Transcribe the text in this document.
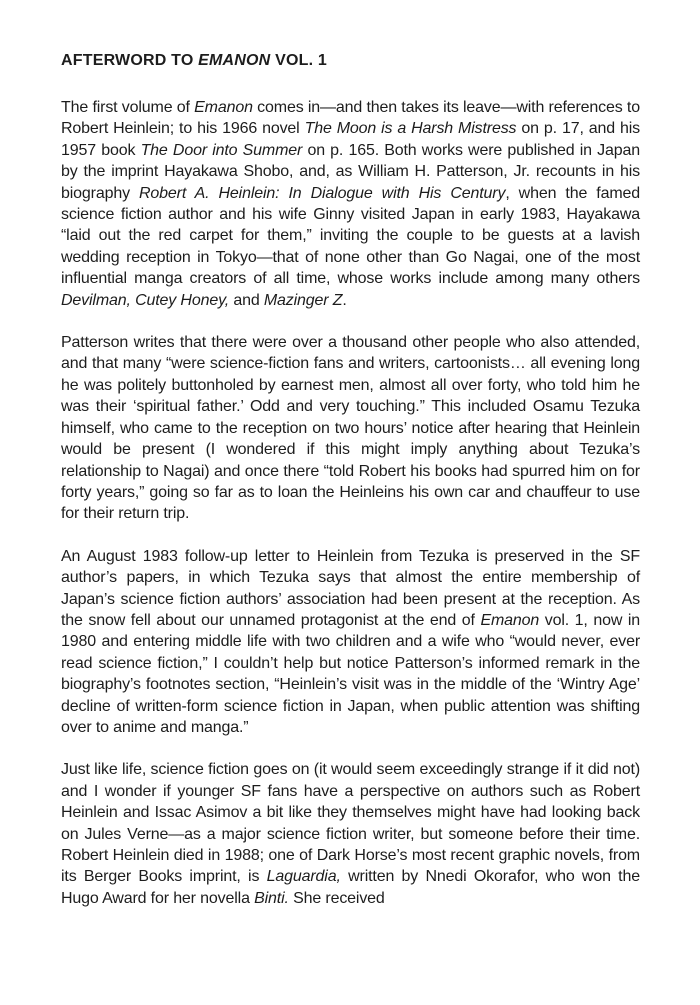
AFTERWORD TO EMANON VOL. 1

The first volume of Emanon comes in—and then takes its leave—with references to Robert Heinlein; to his 1966 novel The Moon is a Harsh Mistress on p. 17, and his 1957 book The Door into Summer on p. 165. Both works were published in Japan by the imprint Hayakawa Shobo, and, as William H. Patterson, Jr. recounts in his biography Robert A. Heinlein: In Dialogue with His Century, when the famed science fiction author and his wife Ginny visited Japan in early 1983, Hayakawa “laid out the red carpet for them,” inviting the couple to be guests at a lavish wedding reception in Tokyo—that of none other than Go Nagai, one of the most influential manga creators of all time, whose works include among many others Devilman, Cutey Honey, and Mazinger Z.

Patterson writes that there were over a thousand other people who also attended, and that many “were science-fiction fans and writers, cartoonists… all evening long he was politely buttonholed by earnest men, almost all over forty, who told him he was their ‘spiritual father.’ Odd and very touching.” This included Osamu Tezuka himself, who came to the reception on two hours’ notice after hearing that Heinlein would be present (I wondered if this might imply anything about Tezuka’s relationship to Nagai) and once there “told Robert his books had spurred him on for forty years,” going so far as to loan the Heinleins his own car and chauffeur to use for their return trip.

An August 1983 follow-up letter to Heinlein from Tezuka is preserved in the SF author’s papers, in which Tezuka says that almost the entire membership of Japan’s science fiction authors’ association had been present at the reception. As the snow fell about our unnamed protagonist at the end of Emanon vol. 1, now in 1980 and entering middle life with two children and a wife who “would never, ever read science fiction,” I couldn’t help but notice Patterson’s informed remark in the biography’s footnotes section, “Heinlein’s visit was in the middle of the ‘Wintry Age’ decline of written-form science fiction in Japan, when public attention was shifting over to anime and manga.”

Just like life, science fiction goes on (it would seem exceedingly strange if it did not) and I wonder if younger SF fans have a perspective on authors such as Robert Heinlein and Issac Asimov a bit like they themselves might have had looking back on Jules Verne—as a major science fiction writer, but someone before their time. Robert Heinlein died in 1988; one of Dark Horse’s most recent graphic novels, from its Berger Books imprint, is Laguardia, written by Nnedi Okorafor, who won the Hugo Award for her novella Binti. She received
